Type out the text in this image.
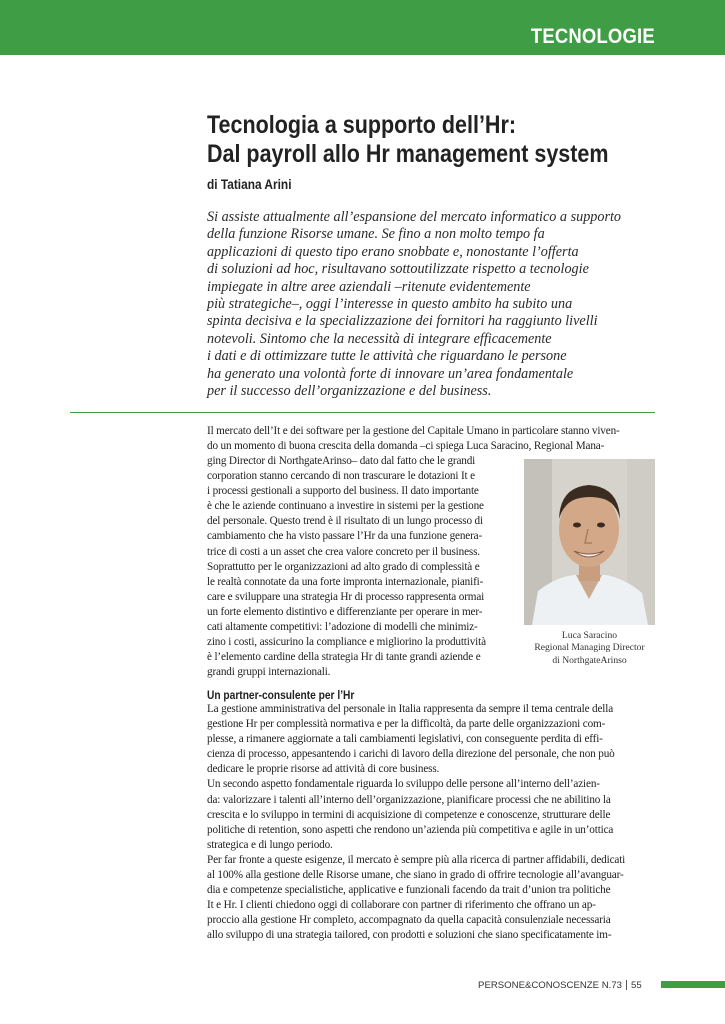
TECNOLOGIE
Tecnologia a supporto dell’Hr:
Dal payroll allo Hr management system
di Tatiana Arini
Si assiste attualmente all’espansione del mercato informatico a supporto
della funzione Risorse umane. Se fino a non molto tempo fa
applicazioni di questo tipo erano snobbate e, nonostante l’offerta
di soluzioni ad hoc, risultavano sottoutilizzate rispetto a tecnologie
impiegate in altre aree aziendali –ritenute evidentemente
più strategiche–, oggi l’interesse in questo ambito ha subito una
spinta decisiva e la specializzazione dei fornitori ha raggiunto livelli
notevoli. Sintomo che la necessità di integrare efficacemente
i dati e di ottimizzare tutte le attività che riguardano le persone
ha generato una volontà forte di innovare un’area fondamentale
per il successo dell’organizzazione e del business.
Il mercato dell’It e dei software per la gestione del Capitale Umano in particolare stanno viven-
do un momento di buona crescita della domanda –ci spiega Luca Saracino, Regional Mana-
ging Director di NorthgateArinso– dato dal fatto che le grandi
corporation stanno cercando di non trascurare le dotazioni It e
i processi gestionali a supporto del business. Il dato importante
è che le aziende continuano a investire in sistemi per la gestione
del personale. Questo trend è il risultato di un lungo processo di
cambiamento che ha visto passare l’Hr da una funzione genera-
trice di costi a un asset che crea valore concreto per il business.
Soprattutto per le organizzazioni ad alto grado di complessità e
le realtà connotate da una forte impronta internazionale, pianifi-
care e sviluppare una strategia Hr di processo rappresenta ormai
un forte elemento distintivo e differenziante per operare in mer-
cati altamente competitivi: l’adozione di modelli che minimiz-
zino i costi, assicurino la compliance e migliorino la produttività
è l’elemento cardine della strategia Hr di tante grandi aziende e
grandi gruppi internazionali.
Luca Saracino
Regional Managing Director
di NorthgateArinso
Un partner-consulente per l’Hr
La gestione amministrativa del personale in Italia rappresenta da sempre il tema centrale della
gestione Hr per complessità normativa e per la difficoltà, da parte delle organizzazioni com-
plesse, a rimanere aggiornate a tali cambiamenti legislativi, con conseguente perdita di effi-
cienza di processo, appesantendo i carichi di lavoro della direzione del personale, che non può
dedicare le proprie risorse ad attività di core business.
Un secondo aspetto fondamentale riguarda lo sviluppo delle persone all’interno dell’azien-
da: valorizzare i talenti all’interno dell’organizzazione, pianificare processi che ne abilitino la
crescita e lo sviluppo in termini di acquisizione di competenze e conoscenze, strutturare delle
politiche di retention, sono aspetti che rendono un’azienda più competitiva e agile in un’ottica
strategica e di lungo periodo.
Per far fronte a queste esigenze, il mercato è sempre più alla ricerca di partner affidabili, dedicati
al 100% alla gestione delle Risorse umane, che siano in grado di offrire tecnologie all’avanguar-
dia e competenze specialistiche, applicative e funzionali facendo da trait d’union tra politiche
It e Hr. I clienti chiedono oggi di collaborare con partner di riferimento che offrano un ap-
proccio alla gestione Hr completo, accompagnato da quella capacità consulenziale necessaria
allo sviluppo di una strategia tailored, con prodotti e soluzioni che siano specificatamente im-
PERSONE&CONOSCENZE N.73 55
